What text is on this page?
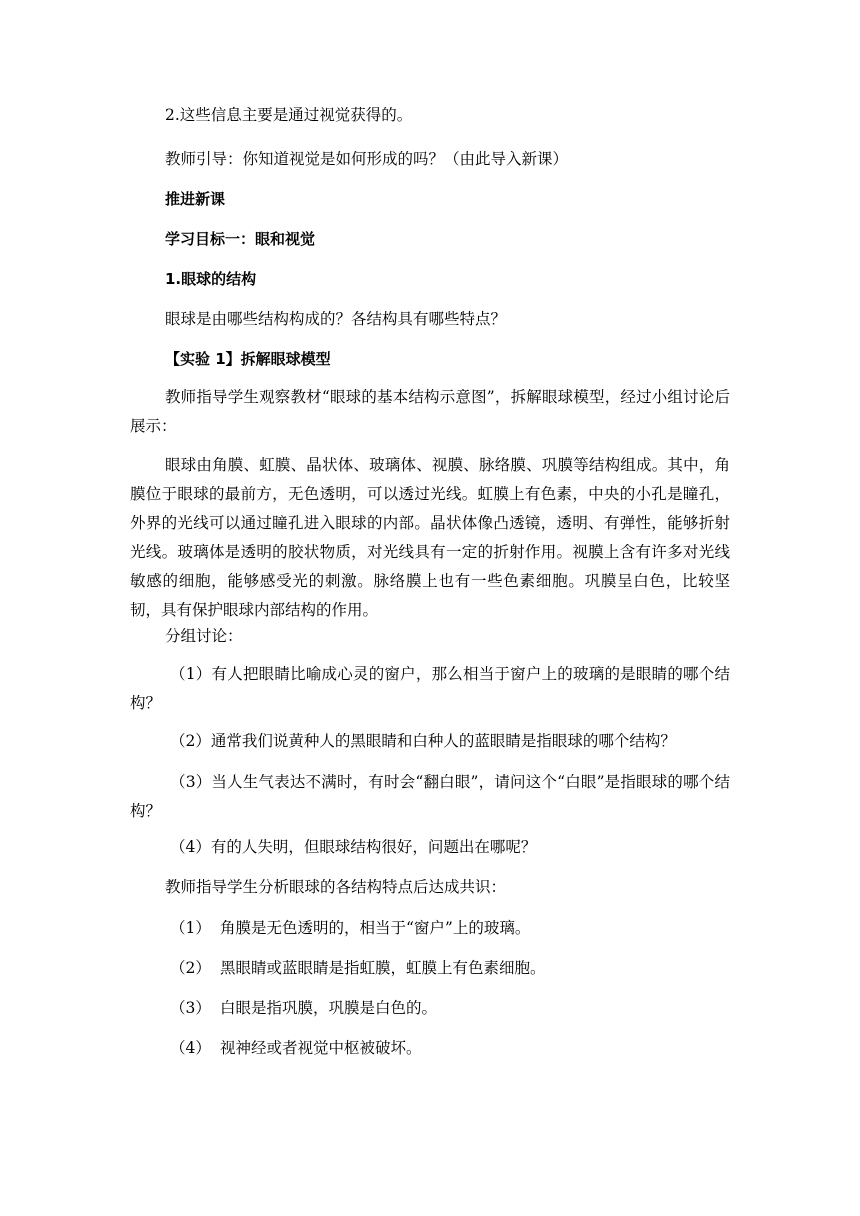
2.这些信息主要是通过视觉获得的。
教师引导：你知道视觉是如何形成的吗？（由此导入新课）
推进新课
学习目标一：眼和视觉
1.眼球的结构
眼球是由哪些结构构成的？各结构具有哪些特点？
【实验 1】拆解眼球模型
教师指导学生观察教材“眼球的基本结构示意图”，拆解眼球模型，经过小组讨论后展示：
眼球由角膜、虹膜、晶状体、玻璃体、视膜、脉络膜、巩膜等结构组成。其中，角膜位于眼球的最前方，无色透明，可以透过光线。虹膜上有色素，中央的小孔是瞳孔，外界的光线可以通过瞳孔进入眼球的内部。晶状体像凸透镜，透明、有弹性，能够折射光线。玻璃体是透明的胶状物质，对光线具有一定的折射作用。视膜上含有许多对光线敏感的细胞，能够感受光的刺激。脉络膜上也有一些色素细胞。巩膜呈白色，比较坚韧，具有保护眼球内部结构的作用。
分组讨论：
（1）有人把眼睛比喻成心灵的窗户，那么相当于窗户上的玻璃的是眼睛的哪个结构？
（2）通常我们说黄种人的黑眼睛和白种人的蓝眼睛是指眼球的哪个结构？
（3）当人生气表达不满时，有时会“翻白眼”，请问这个“白眼”是指眼球的哪个结构？
（4）有的人失明，但眼球结构很好，问题出在哪呢？
教师指导学生分析眼球的各结构特点后达成共识：
（1） 角膜是无色透明的，相当于“窗户”上的玻璃。
（2） 黑眼睛或蓝眼睛是指虹膜，虹膜上有色素细胞。
（3） 白眼是指巩膜，巩膜是白色的。
（4） 视神经或者视觉中枢被破坏。
